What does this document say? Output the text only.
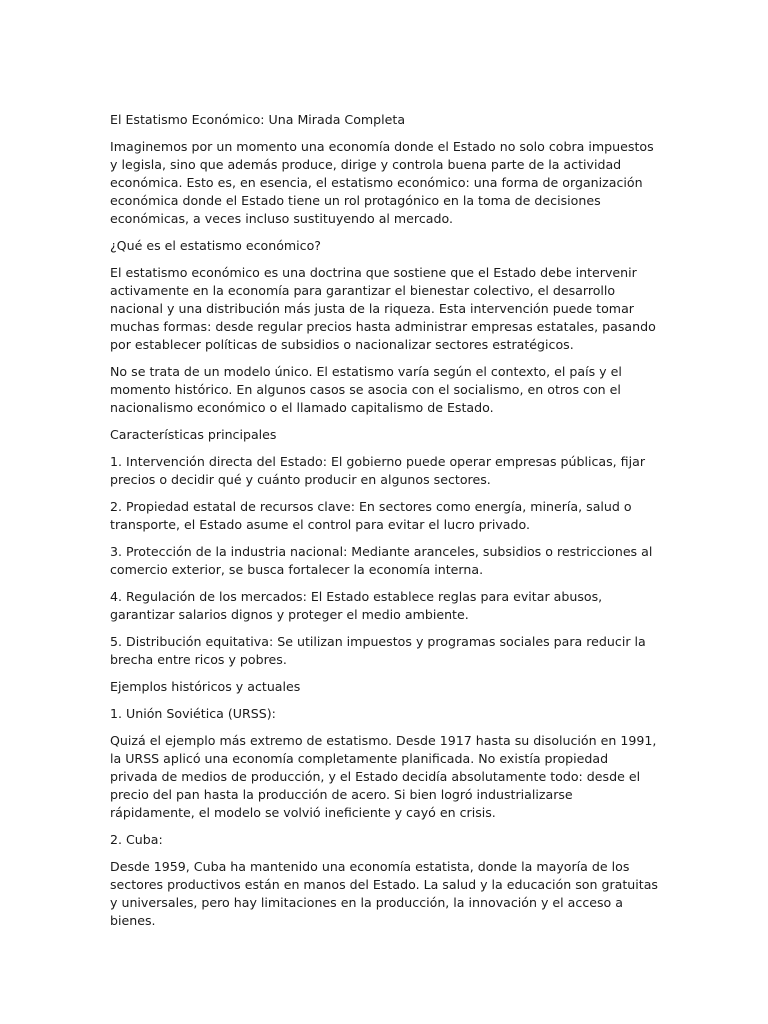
El Estatismo Económico: Una Mirada Completa

Imaginemos por un momento una economía donde el Estado no solo cobra impuestos y legisla, sino que además produce, dirige y controla buena parte de la actividad económica. Esto es, en esencia, el estatismo económico: una forma de organización económica donde el Estado tiene un rol protagónico en la toma de decisiones económicas, a veces incluso sustituyendo al mercado.

¿Qué es el estatismo económico?

El estatismo económico es una doctrina que sostiene que el Estado debe intervenir activamente en la economía para garantizar el bienestar colectivo, el desarrollo nacional y una distribución más justa de la riqueza. Esta intervención puede tomar muchas formas: desde regular precios hasta administrar empresas estatales, pasando por establecer políticas de subsidios o nacionalizar sectores estratégicos.

No se trata de un modelo único. El estatismo varía según el contexto, el país y el momento histórico. En algunos casos se asocia con el socialismo, en otros con el nacionalismo económico o el llamado capitalismo de Estado.

Características principales

1. Intervención directa del Estado: El gobierno puede operar empresas públicas, fijar precios o decidir qué y cuánto producir en algunos sectores.

2. Propiedad estatal de recursos clave: En sectores como energía, minería, salud o transporte, el Estado asume el control para evitar el lucro privado.

3. Protección de la industria nacional: Mediante aranceles, subsidios o restricciones al comercio exterior, se busca fortalecer la economía interna.

4. Regulación de los mercados: El Estado establece reglas para evitar abusos, garantizar salarios dignos y proteger el medio ambiente.

5. Distribución equitativa: Se utilizan impuestos y programas sociales para reducir la brecha entre ricos y pobres.

Ejemplos históricos y actuales

1. Unión Soviética (URSS):

Quizá el ejemplo más extremo de estatismo. Desde 1917 hasta su disolución en 1991, la URSS aplicó una economía completamente planificada. No existía propiedad privada de medios de producción, y el Estado decidía absolutamente todo: desde el precio del pan hasta la producción de acero. Si bien logró industrializarse rápidamente, el modelo se volvió ineficiente y cayó en crisis.

2. Cuba:

Desde 1959, Cuba ha mantenido una economía estatista, donde la mayoría de los sectores productivos están en manos del Estado. La salud y la educación son gratuitas y universales, pero hay limitaciones en la producción, la innovación y el acceso a bienes.
